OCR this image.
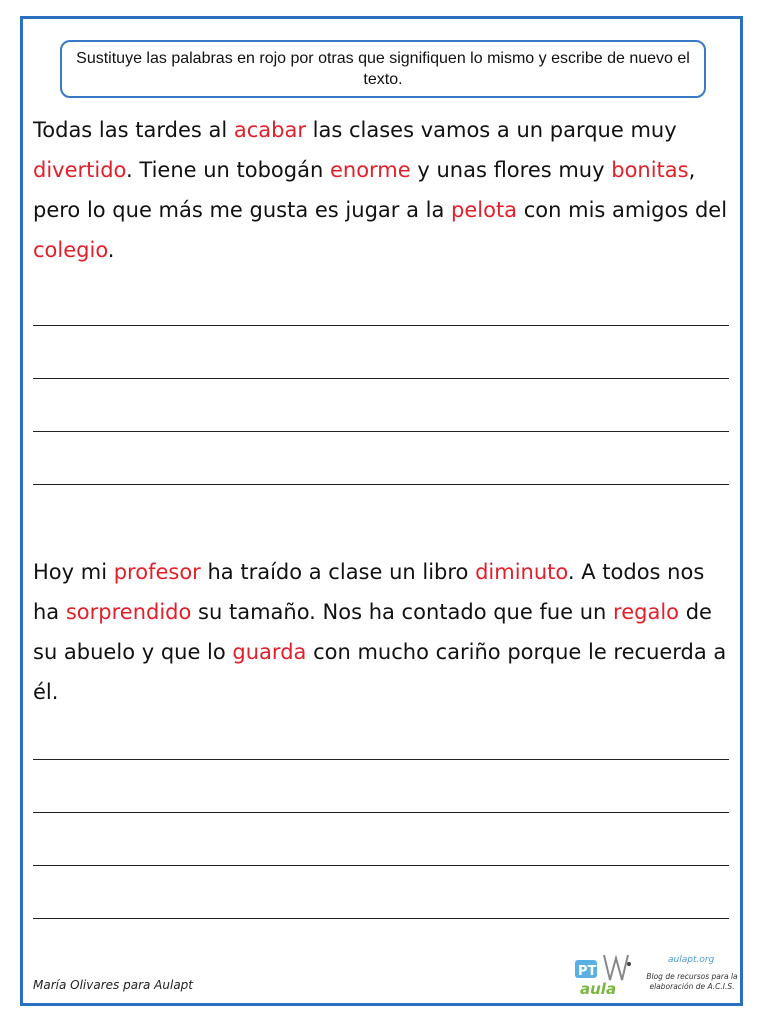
Sustituye las palabras en rojo por otras que signifiquen lo mismo y escribe de nuevo el texto.
Todas las tardes al acabar las clases vamos a un parque muy divertido. Tiene un tobogán enorme y unas flores muy bonitas, pero lo que más me gusta es jugar a la pelota con mis amigos del colegio.
Hoy mi profesor ha traído a clase un libro diminuto. A todos nos ha sorprendido su tamaño. Nos ha contado que fue un regalo de su abuelo y que lo guarda con mucho cariño porque le recuerda a él.
María Olivares para Aulapt
PT
aula
aulapt.org
Blog de recursos para la elaboración de A.C.I.S.
